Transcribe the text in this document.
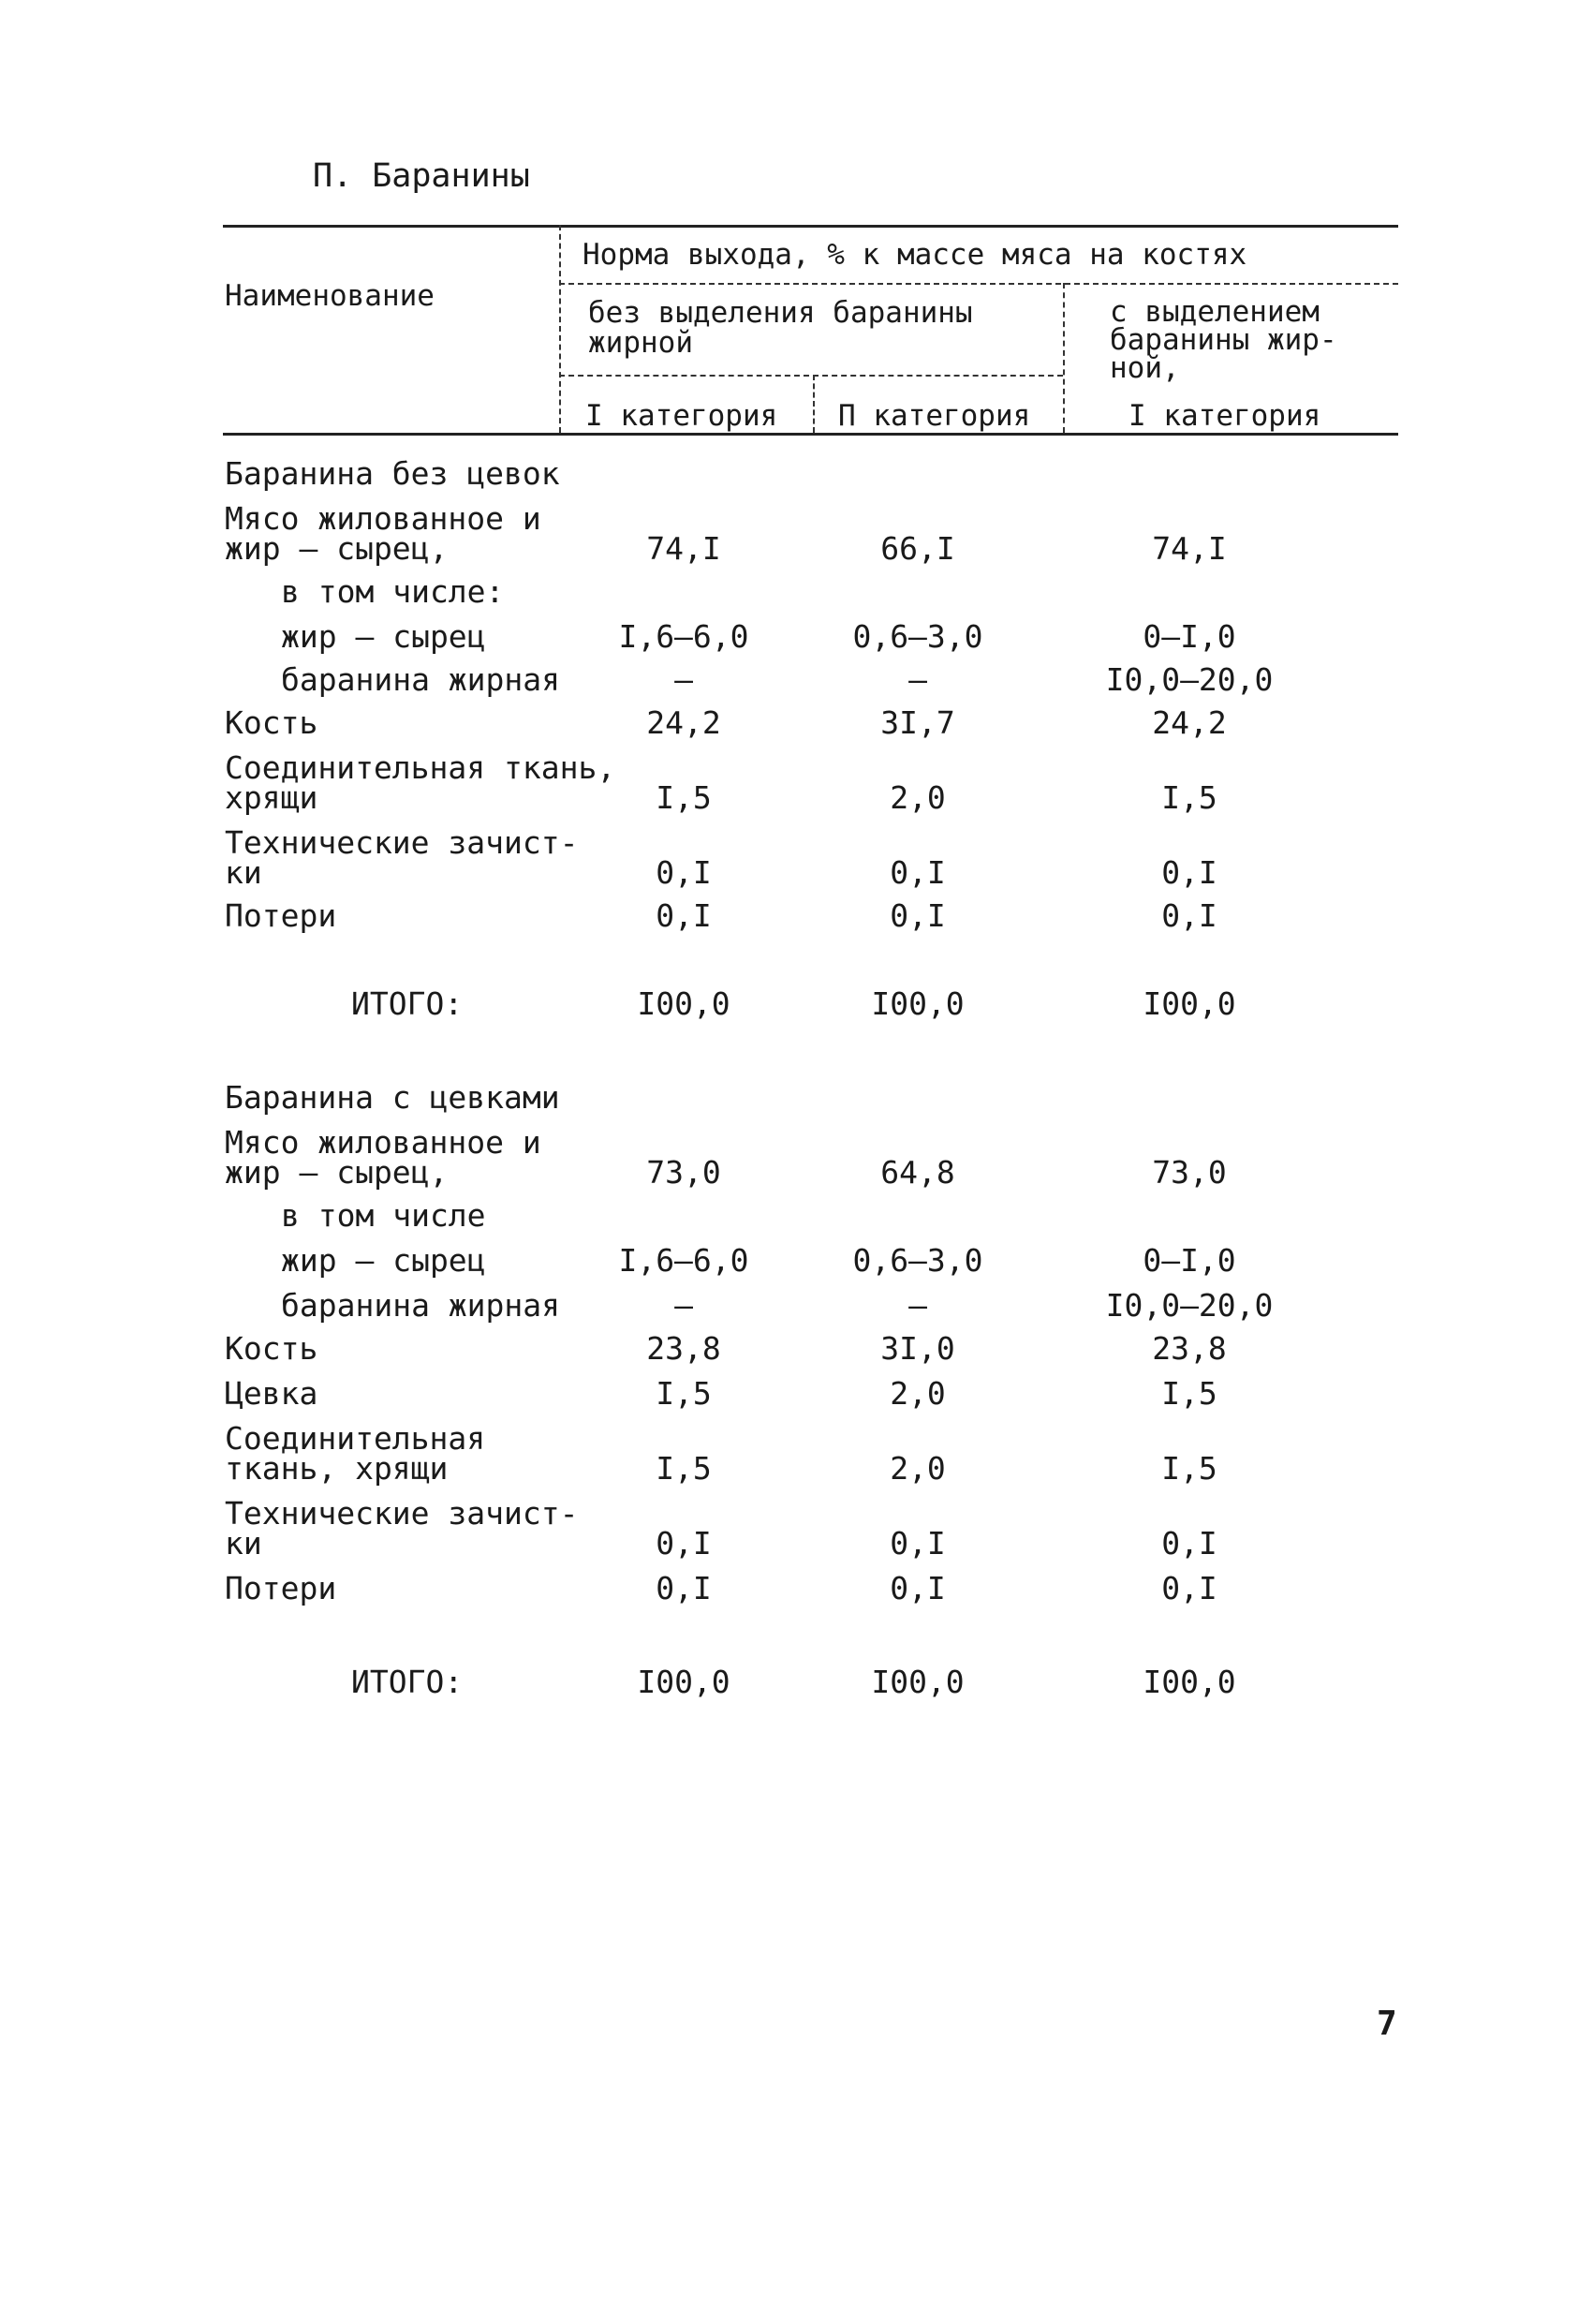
П. Баранины
Наименование
Норма выхода, % к массе мяса на костях
без выделения баранины жирной
с выделением баранины жир-ной,
I категория П категория	I категория
Баранина без цевок
Мясо жилованное и
жир – сырец,	74,I	66,I	74,I
в том числе:
жир – сырец	I,6–6,0	0,6–3,0	0–I,0
баранина жирная	–	–	I0,0–20,0
Кость	24,2	3I,7	24,2
Соединительная ткань,
хрящи	I,5	2,0	I,5
Технические зачист-
ки	0,I	0,I	0,I
Потери	0,I	0,I	0,I
ИТОГО:	I00,0	I00,0	I00,0
Баранина с цевками
Мясо жилованное и
жир – сырец,	73,0	64,8	73,0
в том числе
жир – сырец	I,6–6,0	0,6–3,0	0–I,0
баранина жирная	–	–	I0,0–20,0
Кость	23,8	3I,0	23,8
Цевка	I,5	2,0	I,5
Соединительная
ткань, хрящи	I,5	2,0	I,5
Технические зачист-
ки	0,I	0,I	0,I
Потери	0,I	0,I	0,I
ИТОГО:	I00,0	I00,0	I00,0
7
